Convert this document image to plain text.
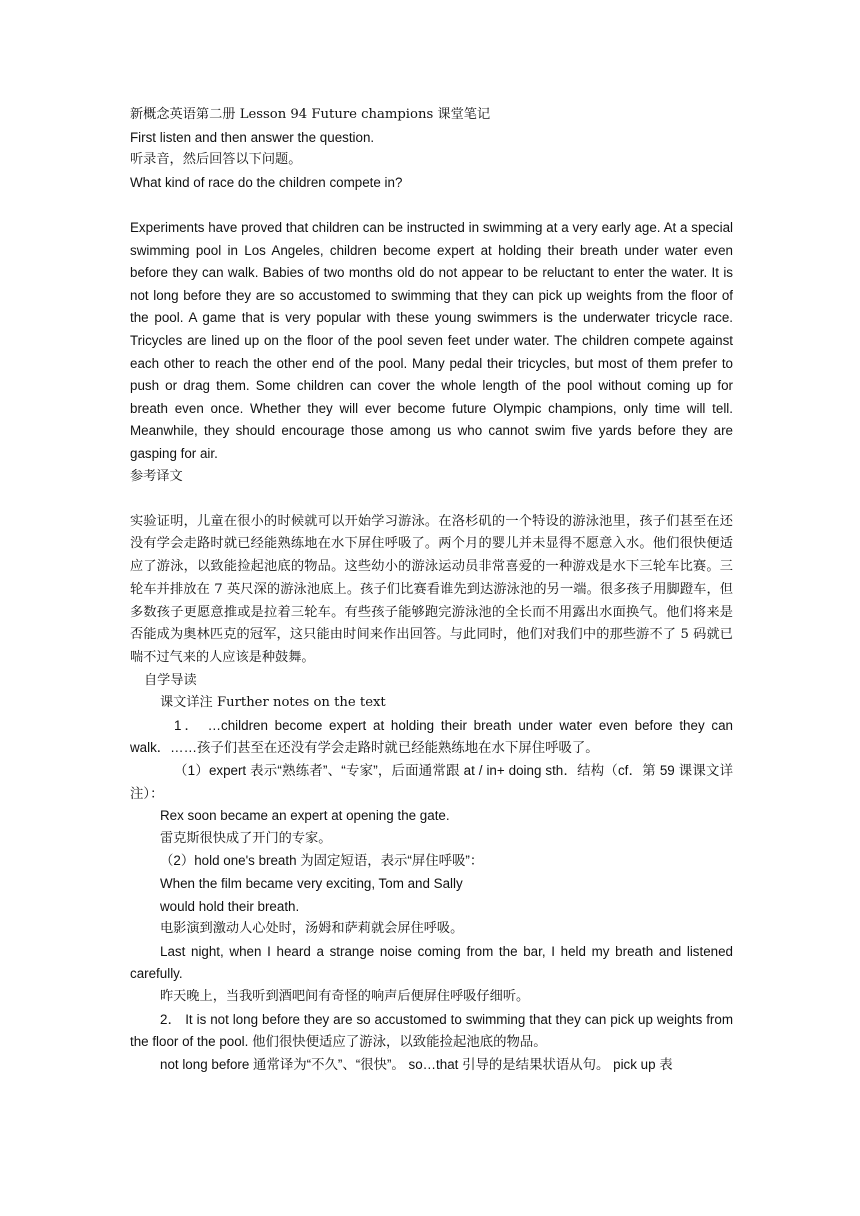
新概念英语第二册 Lesson 94 Future champions 课堂笔记

First listen and then answer the question.

听录音，然后回答以下问题。

What kind of race do the children compete in?

Experiments have proved that children can be instructed in swimming at a very early age. At a special swimming pool in Los Angeles, children become expert at holding their breath under water even before they can walk. Babies of two months old do not appear to be reluctant to enter the water. It is not long before they are so accustomed to swimming that they can pick up weights from the floor of the pool. A game that is very popular with these young swimmers is the underwater tricycle race. Tricycles are lined up on the floor of the pool seven feet under water. The children compete against each other to reach the other end of the pool. Many pedal their tricycles, but most of them prefer to push or drag them. Some children can cover the whole length of the pool without coming up for breath even once. Whether they will ever become future Olympic champions, only time will tell. Meanwhile, they should encourage those among us who cannot swim five yards before they are gasping for air.

参考译文

实验证明，儿童在很小的时候就可以开始学习游泳。在洛杉矶的一个特设的游泳池里，孩子们甚至在还没有学会走路时就已经能熟练地在水下屏住呼吸了。两个月的婴儿并未显得不愿意入水。他们很快便适应了游泳，以致能捡起池底的物品。这些幼小的游泳运动员非常喜爱的一种游戏是水下三轮车比赛。三轮车并排放在 7 英尺深的游泳池底上。孩子们比赛看谁先到达游泳池的另一端。很多孩子用脚蹬车，但多数孩子更愿意推或是拉着三轮车。有些孩子能够跑完游泳池的全长而不用露出水面换气。他们将来是否能成为奥林匹克的冠军，这只能由时间来作出回答。与此同时，他们对我们中的那些游不了 5 码就已喘不过气来的人应该是种鼓舞。

自学导读

课文详注 Further notes on the text

1． …children become expert at holding their breath under water even before they can walk．……孩子们甚至在还没有学会走路时就已经能熟练地在水下屏住呼吸了。

（1）expert 表示“熟练者”、“专家”，后面通常跟 at / in+ doing sth．结构（cf．第 59 课课文详注）：

Rex soon became an expert at opening the gate.

雷克斯很快成了开门的专家。

（2）hold one's breath 为固定短语，表示“屏住呼吸”：

When the film became very exciting, Tom and Sally

would hold their breath.

电影演到激动人心处时，汤姆和萨莉就会屏住呼吸。

Last night, when I heard a strange noise coming from the bar, I held my breath and listened carefully.

昨天晚上，当我听到酒吧间有奇怪的响声后便屏住呼吸仔细听。

2． It is not long before they are so accustomed to swimming that they can pick up weights from the floor of the pool. 他们很快便适应了游泳，以致能捡起池底的物品。

not long before 通常译为“不久”、“很快”。 so…that 引导的是结果状语从句。 pick up 表
